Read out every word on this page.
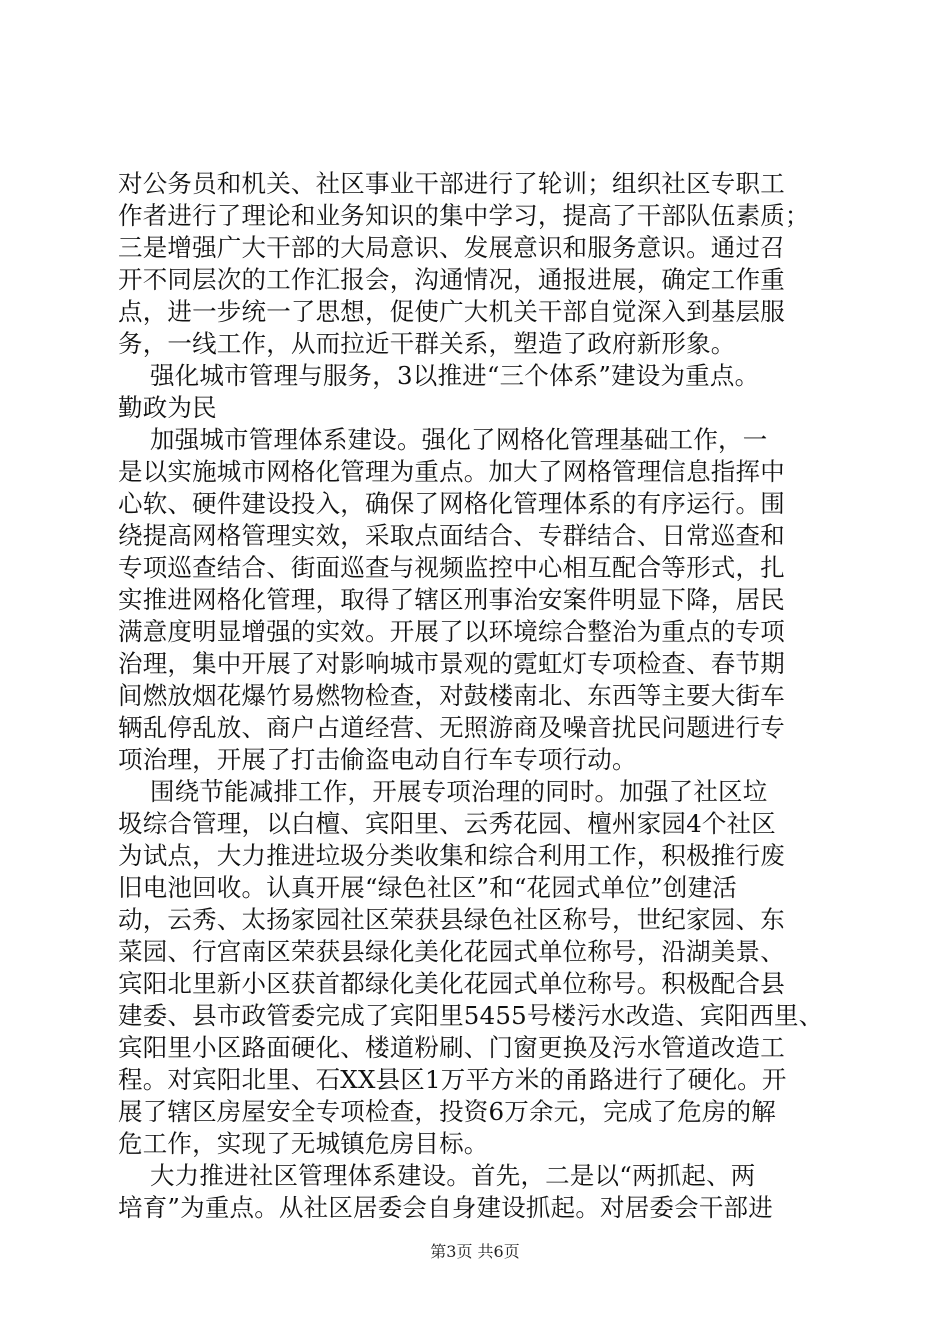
对公务员和机关、社区事业干部进行了轮训；组织社区专职工
作者进行了理论和业务知识的集中学习，提高了干部队伍素质；
三是增强广大干部的大局意识、发展意识和服务意识。通过召
开不同层次的工作汇报会，沟通情况，通报进展，确定工作重
点，进一步统一了思想，促使广大机关干部自觉深入到基层服
务，一线工作，从而拉近干群关系，塑造了政府新形象。
强化城市管理与服务，3以推进“三个体系”建设为重点。
勤政为民
加强城市管理体系建设。强化了网格化管理基础工作，一
是以实施城市网格化管理为重点。加大了网格管理信息指挥中
心软、硬件建设投入，确保了网格化管理体系的有序运行。围
绕提高网格管理实效，采取点面结合、专群结合、日常巡查和
专项巡查结合、街面巡查与视频监控中心相互配合等形式，扎
实推进网格化管理，取得了辖区刑事治安案件明显下降，居民
满意度明显增强的实效。开展了以环境综合整治为重点的专项
治理，集中开展了对影响城市景观的霓虹灯专项检查、春节期
间燃放烟花爆竹易燃物检查，对鼓楼南北、东西等主要大街车
辆乱停乱放、商户占道经营、无照游商及噪音扰民问题进行专
项治理，开展了打击偷盗电动自行车专项行动。
围绕节能减排工作，开展专项治理的同时。加强了社区垃
圾综合管理，以白檀、宾阳里、云秀花园、檀州家园4个社区
为试点，大力推进垃圾分类收集和综合利用工作，积极推行废
旧电池回收。认真开展“绿色社区”和“花园式单位”创建活
动，云秀、太扬家园社区荣获县绿色社区称号，世纪家园、东
菜园、行宫南区荣获县绿化美化花园式单位称号，沿湖美景、
宾阳北里新小区获首都绿化美化花园式单位称号。积极配合县
建委、县市政管委完成了宾阳里5455号楼污水改造、宾阳西里、
宾阳里小区路面硬化、楼道粉刷、门窗更换及污水管道改造工
程。对宾阳北里、石XX县区1万平方米的甬路进行了硬化。开
展了辖区房屋安全专项检查，投资6万余元，完成了危房的解
危工作，实现了无城镇危房目标。
大力推进社区管理体系建设。首先，二是以“两抓起、两
培育”为重点。从社区居委会自身建设抓起。对居委会干部进
第3页 共6页
